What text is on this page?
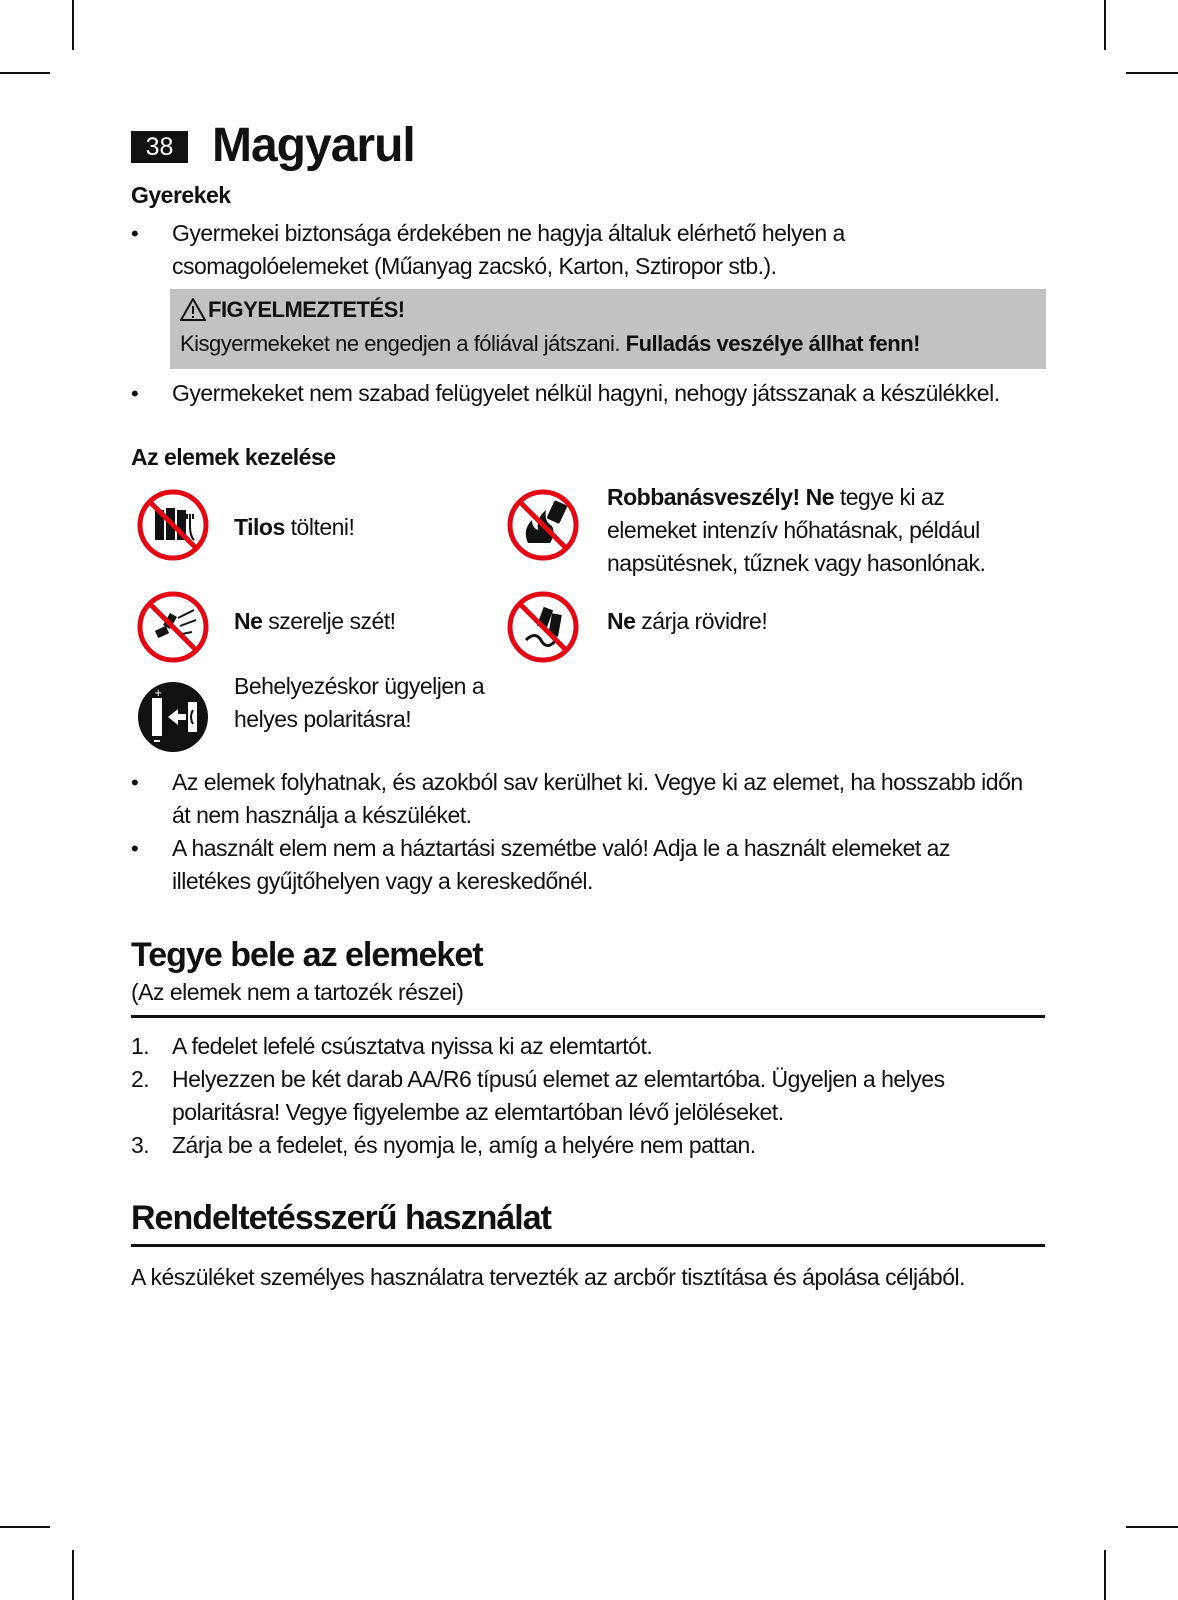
38 Magyarul
Gyerekek
• Gyermekei biztonsága érdekében ne hagyja általuk elérhető helyen a
csomagolóelemeket (Műanyag zacskó, Karton, Sztiropor stb.).
FIGYELMEZTETÉS!
Kisgyermekeket ne engedjen a fóliával játszani. Fulladás veszélye állhat fenn!
• Gyermekeket nem szabad felügyelet nélkül hagyni, nehogy játsszanak a készülékkel.
Az elemek kezelése
Tilos tölteni!
Robbanásveszély! Ne tegye ki az
elemeket intenzív hőhatásnak, például
napsütésnek, tűznek vagy hasonlónak.
Ne szerelje szét!	Ne zárja rövidre!
+	Behelyezéskor ügyeljen a
helyes polaritásra!
• Az elemek folyhatnak, és azokból sav kerülhet ki. Vegye ki az elemet, ha hosszabb időn
át nem használja a készüléket.
• A használt elem nem a háztartási szemétbe való! Adja le a használt elemeket az
illetékes gyűjtőhelyen vagy a kereskedőnél.
Tegye bele az elemeket
(Az elemek nem a tartozék részei)
1. A fedelet lefelé csúsztatva nyissa ki az elemtartót.
2. Helyezzen be két darab AA/R6 típusú elemet az elemtartóba. Ügyeljen a helyes
polaritásra! Vegye figyelembe az elemtartóban lévő jelöléseket.
3. Zárja be a fedelet, és nyomja le, amíg a helyére nem pattan.
Rendeltetésszerű használat
A készüléket személyes használatra tervezték az arcbőr tisztítása és ápolása céljából.
